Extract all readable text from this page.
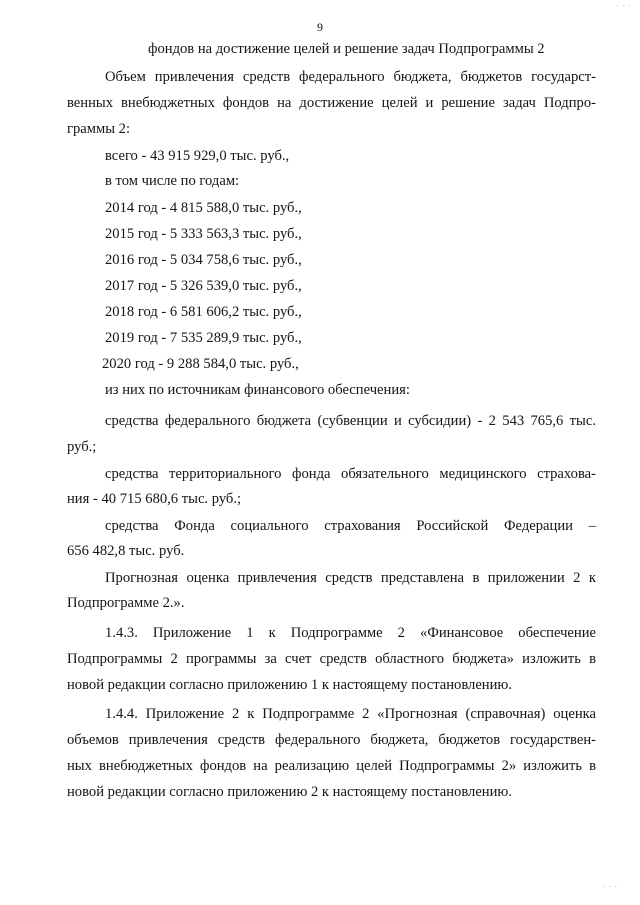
· · ·
9
фондов на достижение целей и решение задач Подпрограммы 2
Объем привлечения средств федерального бюджета, бюджетов государст-
венных внебюджетных фондов на достижение целей и решение задач Подпро-
граммы 2:
всего - 43 915 929,0 тыс. руб.,
в том числе по годам:
2014 год - 4 815 588,0 тыс. руб.,
2015 год - 5 333 563,3 тыс. руб.,
2016 год - 5 034 758,6 тыс. руб.,
2017 год - 5 326 539,0 тыс. руб.,
2018 год - 6 581 606,2 тыс. руб.,
2019 год - 7 535 289,9 тыс. руб.,
2020 год - 9 288 584,0 тыс. руб.,
из них по источникам финансового обеспечения:
средства федерального бюджета (субвенции и субсидии) - 2 543 765,6 тыс.
руб.;
средства территориального фонда обязательного медицинского страхова-
ния - 40 715 680,6 тыс. руб.;
средства Фонда социального страхования Российской Федерации –
656 482,8 тыс. руб.
Прогнозная оценка привлечения средств представлена в приложении 2 к
Подпрограмме 2.».
1.4.3. Приложение 1 к Подпрограмме 2 «Финансовое обеспечение
Подпрограммы 2 программы за счет средств областного бюджета» изложить в
новой редакции согласно приложению 1 к настоящему постановлению.
1.4.4. Приложение 2 к Подпрограмме 2 «Прогнозная (справочная) оценка
объемов привлечения средств федерального бюджета, бюджетов государствен-
ных внебюджетных фондов на реализацию целей Подпрограммы 2» изложить в
новой редакции согласно приложению 2 к настоящему постановлению.
· · ·
